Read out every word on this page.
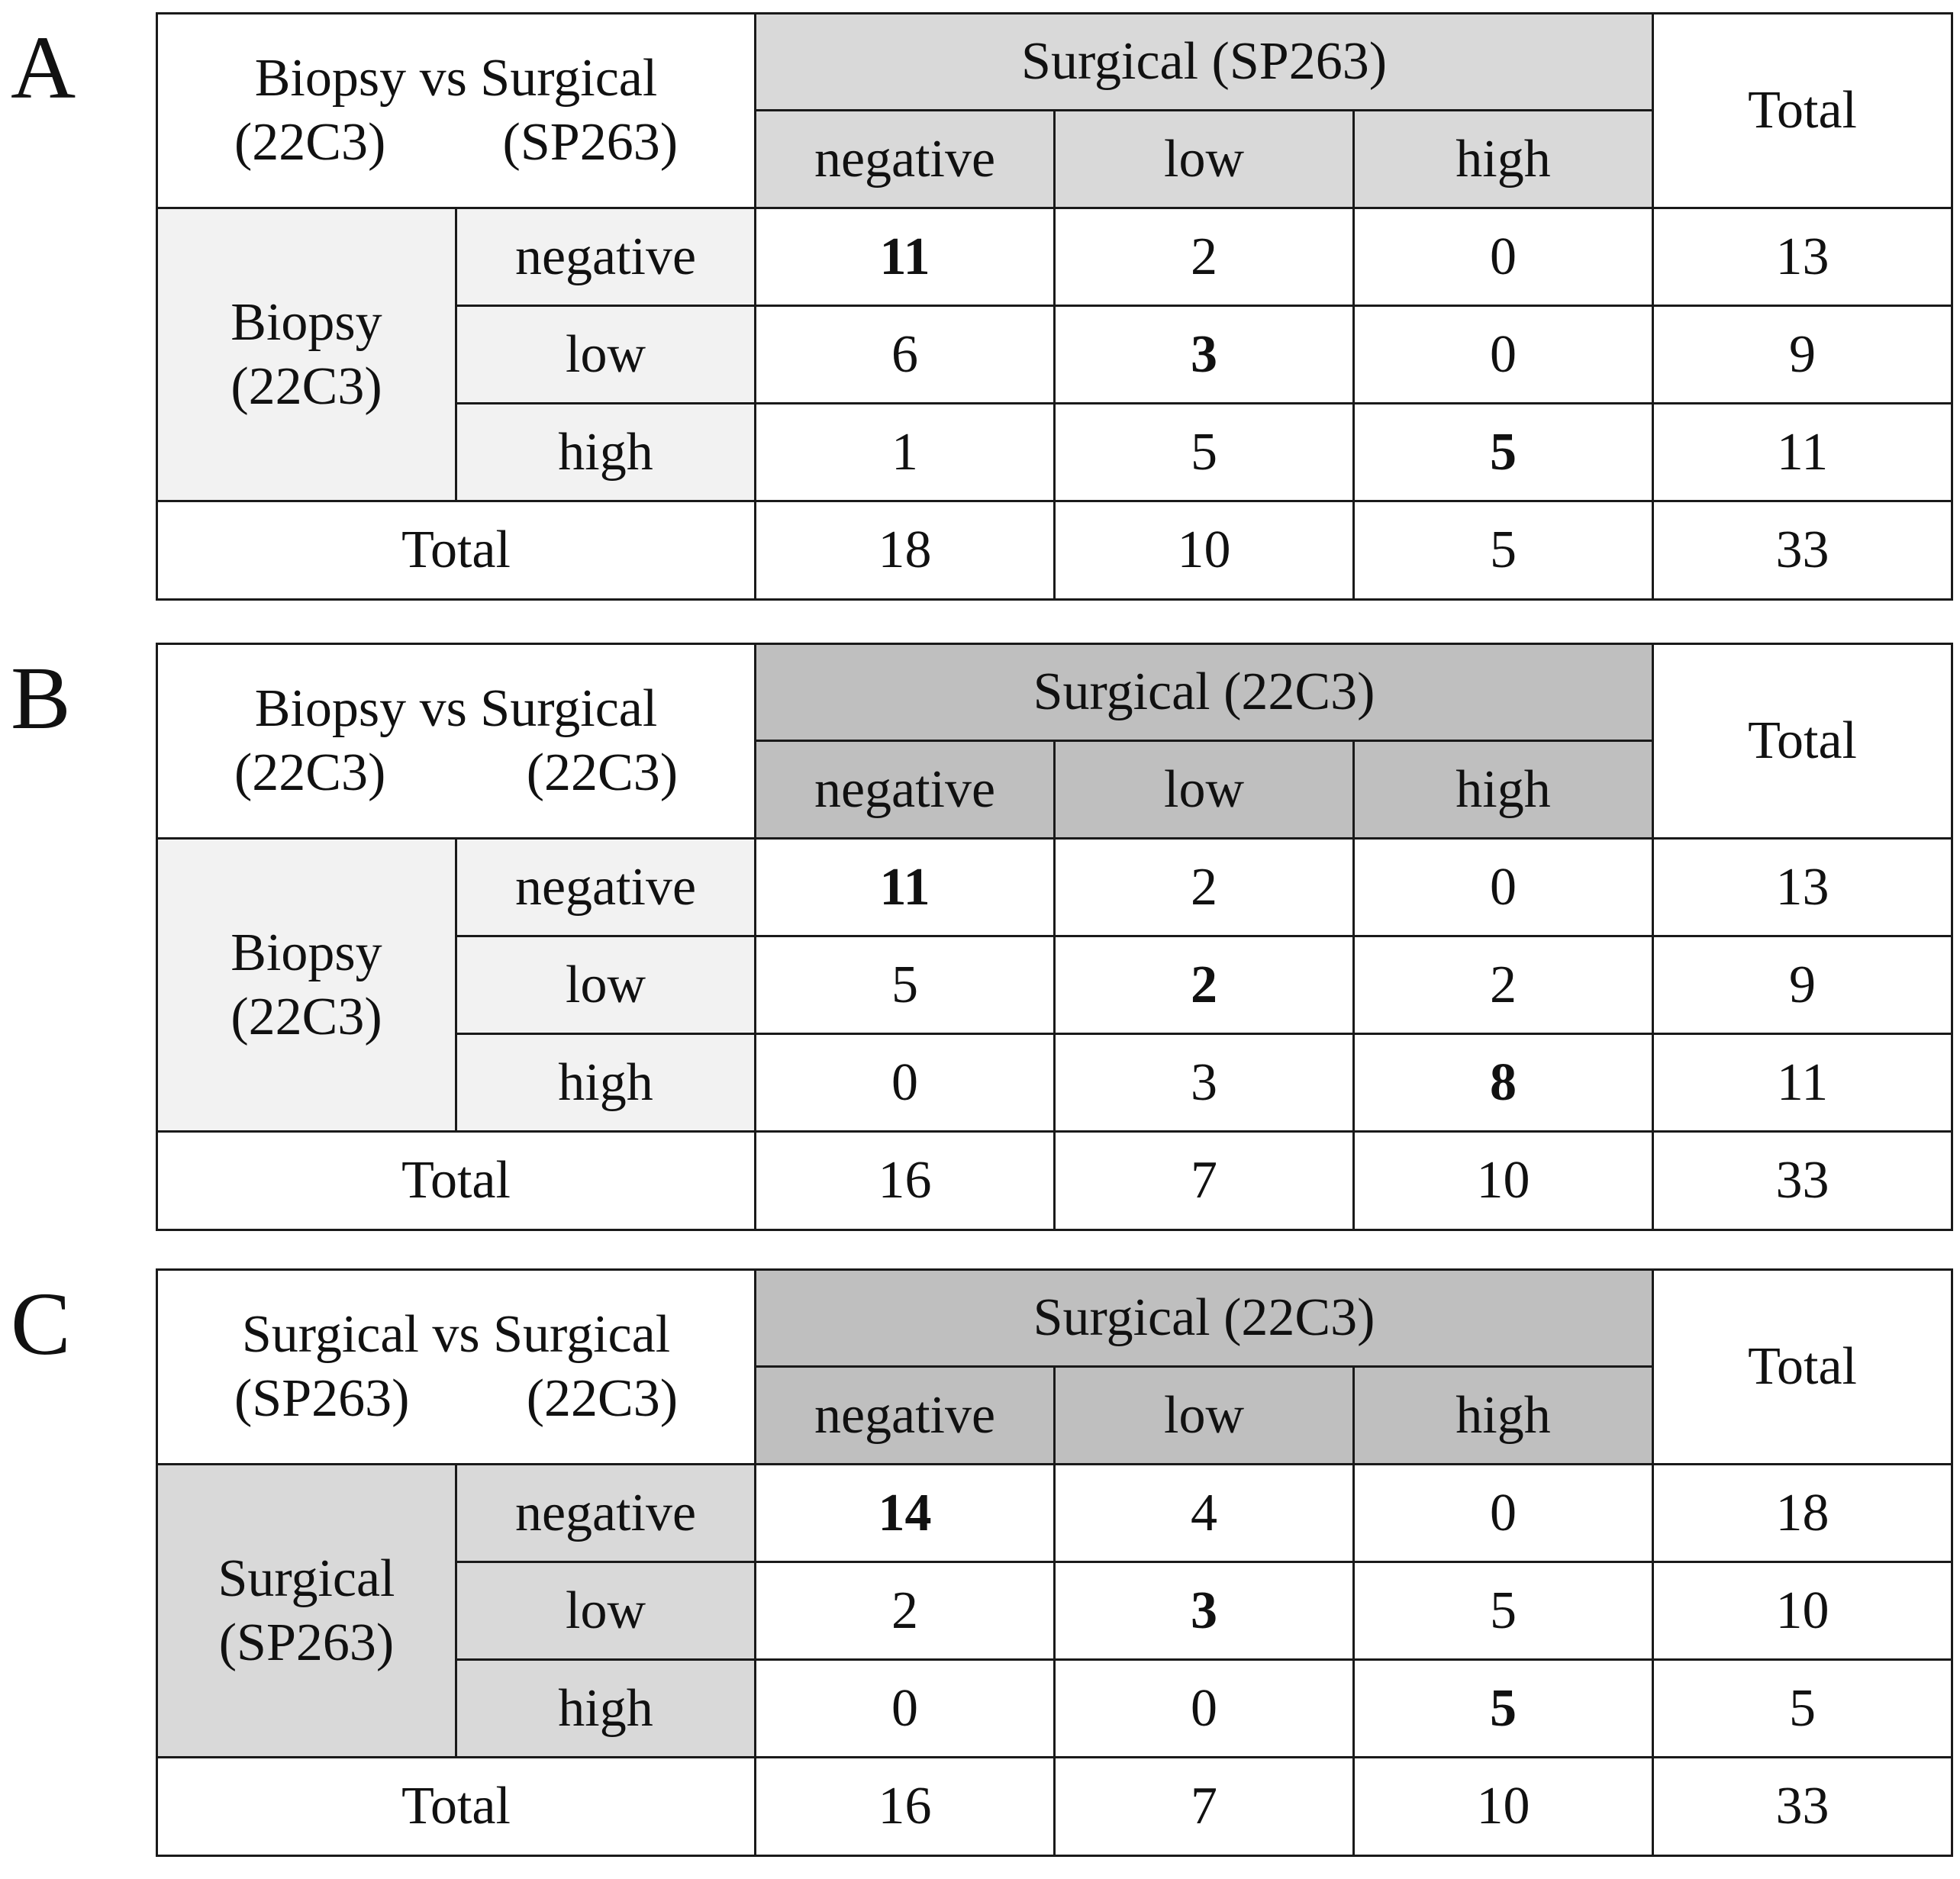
A	Biopsy vs Surgical
(22C3) (SP263)		Surgical (SP263)			Total
		negative	low	high	

Biopsy
(22C3)	negative	11	2	0	13
	low	6	3	0	9
	high	1	5	5	11
Total		18	10	5	33
B	Biopsy vs Surgical
(22C3) (22C3)		Surgical (22C3)			Total
		negative	low	high	

Biopsy
(22C3)	negative	11	2	0	13
	low	5	2	2	9
	high	0	3	8	11
Total		16	7	10	33
C	Surgical vs Surgical
(SP263) (22C3)		Surgical (22C3)			Total
		negative	low	high	

Surgical
(SP263)	negative	14	4	0	18
	low	2	3	5	10
	high	0	0	5	5
Total		16	7	10	33
